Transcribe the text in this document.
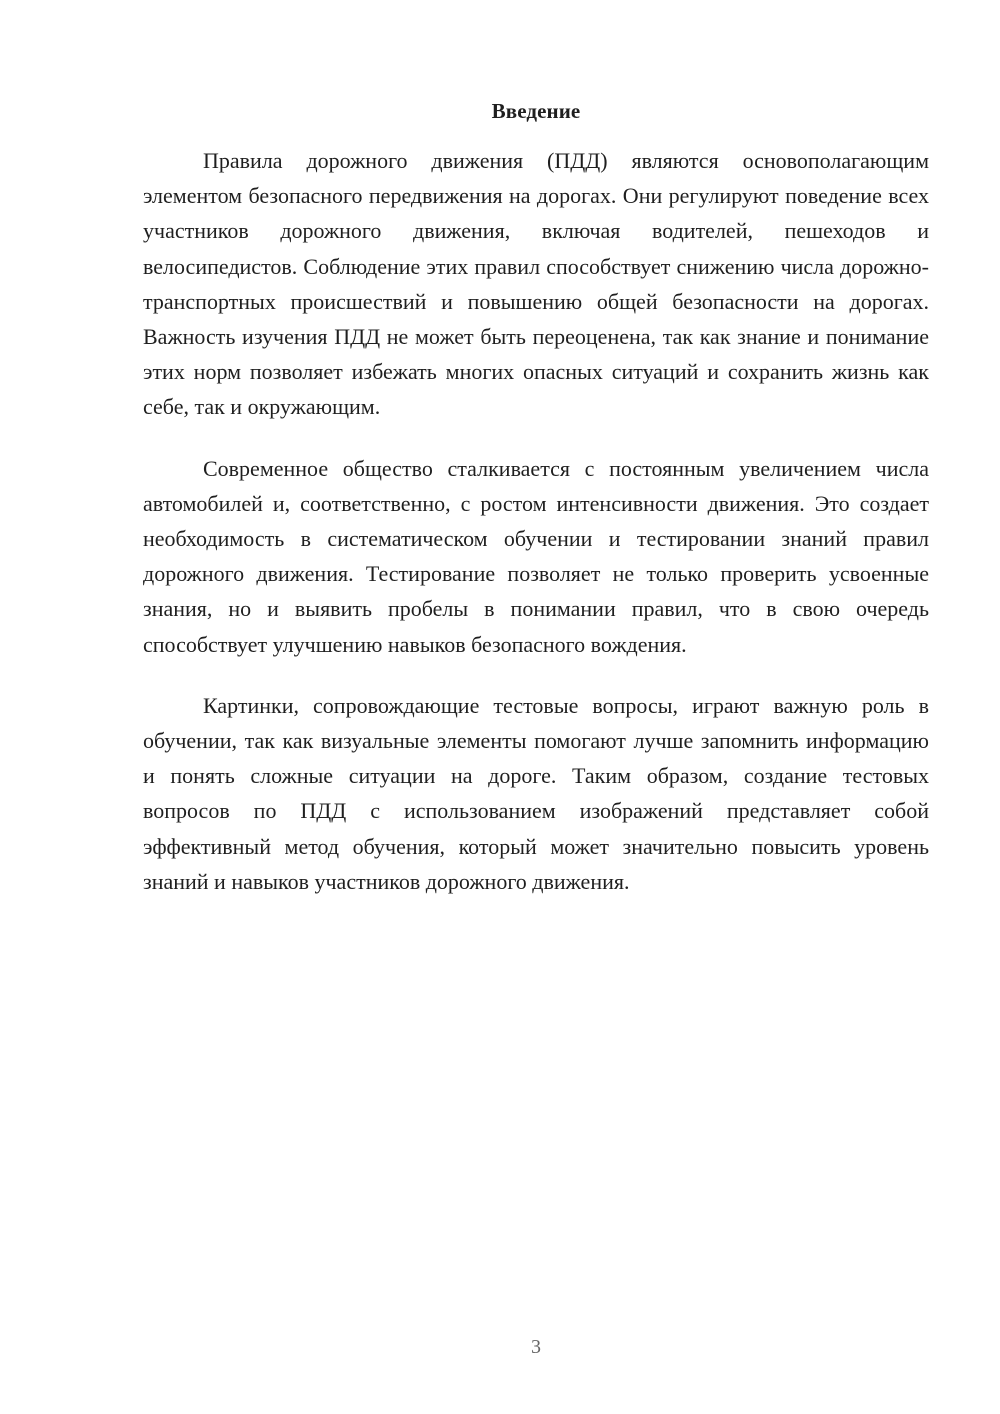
Введение

Правила дорожного движения (ПДД) являются основополагающим элементом безопасного передвижения на дорогах. Они регулируют поведение всех участников дорожного движения, включая водителей, пешеходов и велосипедистов. Соблюдение этих правил способствует снижению числа дорожно-транспортных происшествий и повышению общей безопасности на дорогах. Важность изучения ПДД не может быть переоценена, так как знание и понимание этих норм позволяет избежать многих опасных ситуаций и сохранить жизнь как себе, так и окружающим.

Современное общество сталкивается с постоянным увеличением числа автомобилей и, соответственно, с ростом интенсивности движения. Это создает необходимость в систематическом обучении и тестировании знаний правил дорожного движения. Тестирование позволяет не только проверить усвоенные знания, но и выявить пробелы в понимании правил, что в свою очередь способствует улучшению навыков безопасного вождения.

Картинки, сопровождающие тестовые вопросы, играют важную роль в обучении, так как визуальные элементы помогают лучше запомнить информацию и понять сложные ситуации на дороге. Таким образом, создание тестовых вопросов по ПДД с использованием изображений представляет собой эффективный метод обучения, который может значительно повысить уровень знаний и навыков участников дорожного движения.

3
